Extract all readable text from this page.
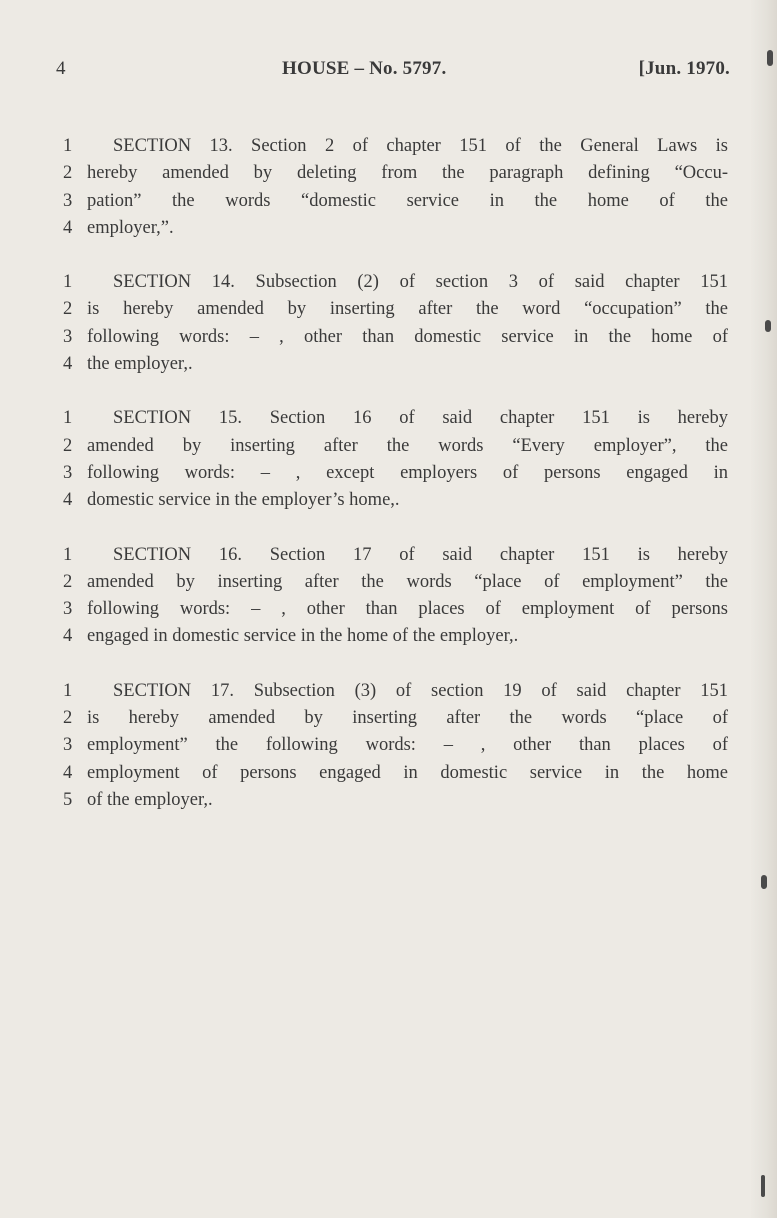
4	HOUSE – No. 5797.	[Jun. 1970.
1	SECTION 13. Section 2 of chapter 151 of the General Laws is
2 hereby amended by deleting from the paragraph defining “Occu-
3 pation” the words “domestic service in the home of the
4 employer,”.
1	SECTION 14. Subsection (2) of section 3 of said chapter 151
2 is hereby amended by inserting after the word “occupation” the
3 following words: – , other than domestic service in the home of
4 the employer,.
1	SECTION 15. Section 16 of said chapter 151 is hereby
2 amended by inserting after the words “Every employer”, the
3 following words: – , except employers of persons engaged in
4 domestic service in the employer’s home,.
1	SECTION 16. Section 17 of said chapter 151 is hereby
2 amended by inserting after the words “place of employment” the
3 following words: – , other than places of employment of persons
4 engaged in domestic service in the home of the employer,.
1	SECTION 17. Subsection (3) of section 19 of said chapter 151
2 is hereby amended by inserting after the words “place of
3 employment” the following words: – , other than places of
4 employment of persons engaged in domestic service in the home
5 of the employer,.
